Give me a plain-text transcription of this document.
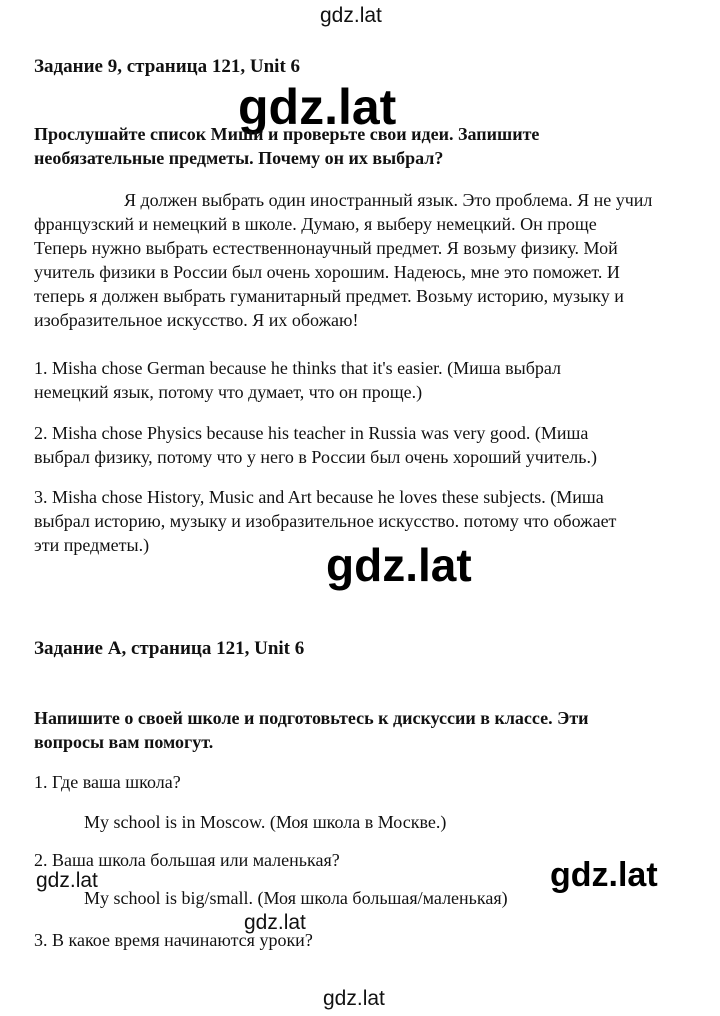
gdz.lat
gdz.lat
gdz.lat
gdz.lat
gdz.lat
gdz.lat
gdz.lat
Задание 9, страница 121, Unit 6
Прослушайте список Миши и проверьте свои идеи. Запишите
необязательные предметы. Почему он их выбрал?
Я должен выбрать один иностранный язык. Это проблема. Я не учил
французский и немецкий в школе. Думаю, я выберу немецкий. Он проще
Теперь нужно выбрать естественнонаучный предмет. Я возьму физику. Мой
учитель физики в России был очень хорошим. Надеюсь, мне это поможет. И
теперь я должен выбрать гуманитарный предмет. Возьму историю, музыку и
изобразительное искусство. Я их обожаю!
1. Misha chose German because he thinks that it's easier. (Миша выбрал
немецкий язык, потому что думает, что он проще.)
2. Misha chose Physics because his teacher in Russia was very good. (Миша
выбрал физику, потому что у него в России был очень хороший учитель.)
3. Misha chose History, Music and Art because he loves these subjects. (Миша
выбрал историю, музыку и изобразительное искусство. потому что обожает
эти предметы.)
Задание A, страница 121, Unit 6
Напишите о своей школе и подготовьтесь к дискуссии в классе. Эти
вопросы вам помогут.
1. Где ваша школа?
My school is in Moscow. (Моя школа в Москве.)
2. Ваша школа большая или маленькая?
My school is big/small. (Моя школа большая/маленькая)
3. В какое время начинаются уроки?
